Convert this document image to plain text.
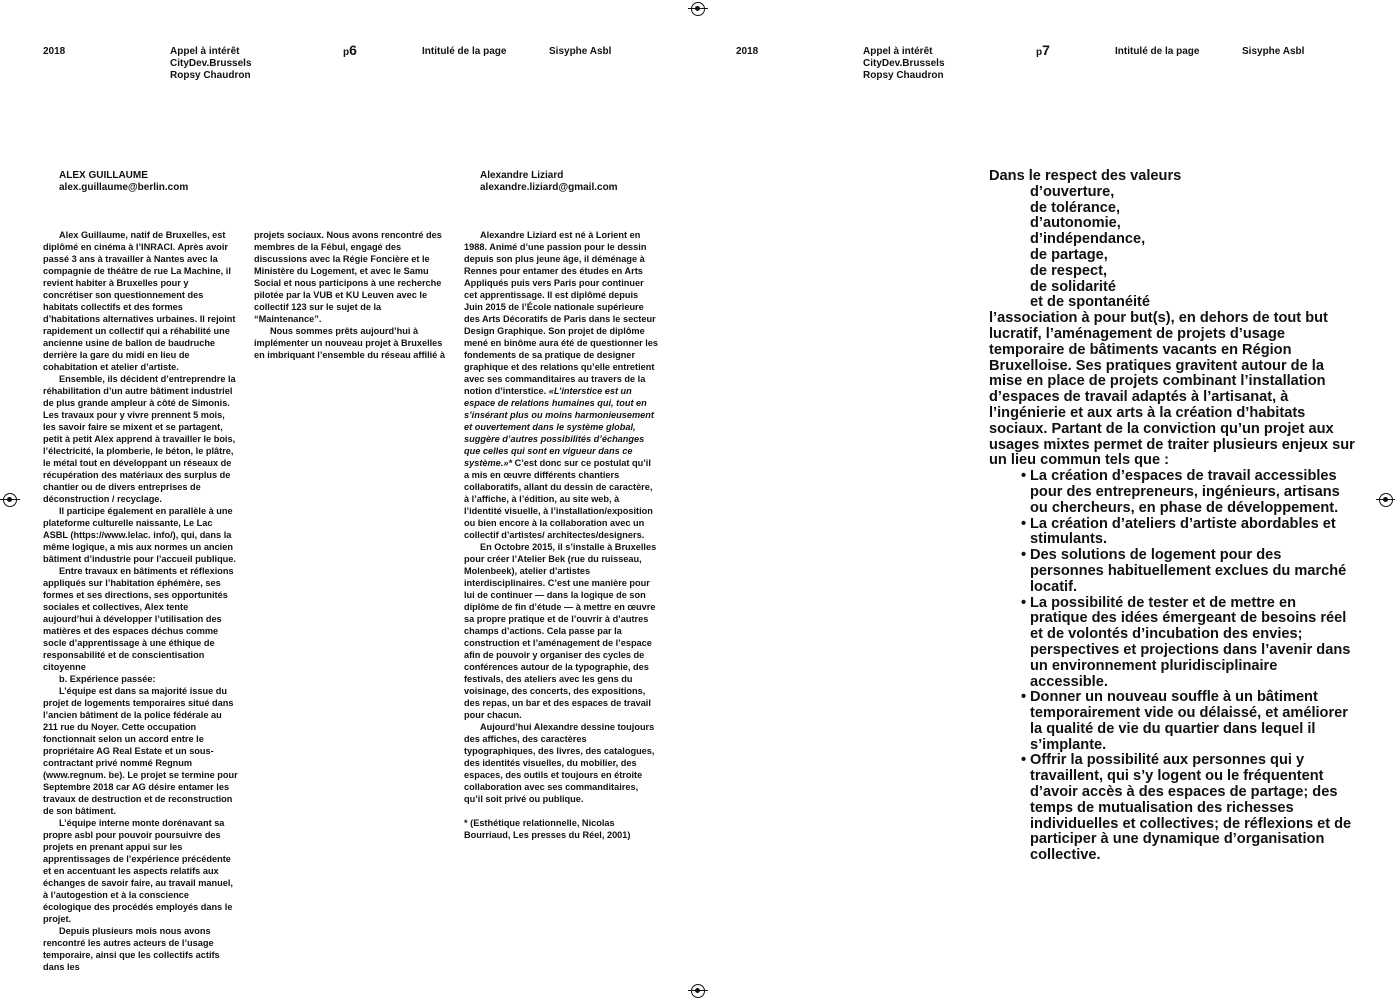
2018	Appel à intérêt
CityDev.Brussels
Ropsy Chaudron
p6	Intitulé de la page	Sisyphe Asbl	2018	Appel à intérêt
CityDev.Brussels
Ropsy Chaudron
p7	Intitulé de la page	Sisyphe Asbl
ALEX GUILLAUME
alex.guillaume@berlin.com

Alex Guillaume, natif de Bruxelles, est diplômé en cinéma à l’INRACI. Après avoir passé 3 ans à travailler à Nantes avec la compagnie de théâtre de rue La Machine, il revient habiter à Bruxelles pour y concrétiser son questionnement des habitats collectifs et des formes d’habitations alternatives urbaines. Il rejoint rapidement un collectif qui a réhabilité une ancienne usine de ballon de baudruche derrière la gare du midi en lieu de cohabitation et atelier d’artiste.

Ensemble, ils décident d’entreprendre la réhabilitation d’un autre bâtiment industriel de plus grande ampleur à côté de Simonis. Les travaux pour y vivre prennent 5 mois, les savoir faire se mixent et se partagent, petit à petit Alex apprend à travailler le bois, l’électricité, la plomberie, le béton, le plâtre, le métal tout en développant un réseaux de récupération des matériaux des surplus de chantier ou de divers entreprises de déconstruction / recyclage.

Il participe également en parallèle à une plateforme culturelle naissante, Le Lac ASBL (https://www.lelac. info/), qui, dans la même logique, a mis aux normes un ancien bâtiment d’industrie pour l’accueil publique.

Entre travaux en bâtiments et réflexions appliqués sur l’habitation éphémère, ses formes et ses directions, ses opportunités sociales et collectives, Alex tente aujourd’hui à développer l’utilisation des matières et des espaces déchus comme socle d’apprentissage à une éthique de responsabilité et de conscientisation citoyenne

b. Expérience passée:

L’équipe est dans sa majorité issue du projet de logements temporaires situé dans l’ancien bâtiment de la police fédérale au 211 rue du Noyer. Cette occupation fonctionnait selon un accord entre le propriétaire AG Real Estate et un sous-contractant privé nommé Regnum (www.regnum. be). Le projet se termine pour Septembre 2018 car AG désire entamer les travaux de destruction et de reconstruction de son bâtiment.

L’équipe interne monte dorénavant sa propre asbl pour pouvoir poursuivre des projets en prenant appui sur les apprentissages de l’expérience précédente et en accentuant les aspects relatifs aux échanges de savoir faire, au travail manuel, à l’autogestion et à la conscience écologique des procédés employés dans le projet.

Depuis plusieurs mois nous avons rencontré les autres acteurs de l’usage temporaire, ainsi que les collectifs actifs dans les

projets sociaux. Nous avons rencontré des membres de la Fébul, engagé des discussions avec la Régie Foncière et le Ministère du Logement, et avec le Samu Social et nous participons à une recherche pilotée par la VUB et KU Leuven avec le collectif 123 sur le sujet de la “Maintenance”.

Nous sommes prêts aujourd’hui à implémenter un nouveau projet à Bruxelles en imbriquant l’ensemble du réseau affilié à

Alexandre Liziard
alexandre.liziard@gmail.com

Alexandre Liziard est né à Lorient en 1988. Animé d’une passion pour le dessin depuis son plus jeune âge, il déménage à Rennes pour entamer des études en Arts Appliqués puis vers Paris pour continuer cet apprentissage. Il est diplômé depuis Juin 2015 de l’École nationale supérieure des Arts Décoratifs de Paris dans le secteur Design Graphique. Son projet de diplôme mené en binôme aura été de questionner les fondements de sa pratique de designer graphique et des relations qu’elle entretient avec ses commanditaires au travers de la notion d’interstice. «L’interstice est un espace de relations humaines qui, tout en s’insérant plus ou moins harmonieusement et ouvertement dans le système global, suggère d’autres possibilités d’échanges que celles qui sont en vigueur dans ce système.»* C’est donc sur ce postulat qu’il a mis en œuvre différents chantiers collaboratifs, allant du dessin de caractère, à l’affiche, à l’édition, au site web, à l’identité visuelle, à l’installation/exposition ou bien encore à la collaboration avec un collectif d’artistes/ architectes/designers.

En Octobre 2015, il s’installe à Bruxelles pour créer l’Atelier Bek (rue du ruisseau, Molenbeek), atelier d’artistes interdisciplinaires. C’est une manière pour lui de continuer — dans la logique de son diplôme de fin d’étude — à mettre en œuvre sa propre pratique et de l’ouvrir à d’autres champs d’actions. Cela passe par la construction et l’aménagement de l’espace afin de pouvoir y organiser des cycles de conférences autour de la typographie, des festivals, des ateliers avec les gens du voisinage, des concerts, des expositions, des repas, un bar et des espaces de travail pour chacun.

Aujourd’hui Alexandre dessine toujours des affiches, des caractères typographiques, des livres, des catalogues, des identités visuelles, du mobilier, des espaces, des outils et toujours en étroite collaboration avec ses commanditaires, qu’il soit privé ou publique.

* (Esthétique relationnelle, Nicolas Bourriaud, Les presses du Réel, 2001)

Dans le respect des valeurs
d’ouverture,
de tolérance,
d’autonomie,
d’indépendance,
de partage,
de respect,
de solidarité
et de spontanéité
l’association à pour but(s), en dehors de tout but lucratif, l’aménagement de projets d’usage temporaire de bâtiments vacants en Région Bruxelloise. Ses pratiques gravitent autour de la mise en place de projets combinant l’installation d’espaces de travail adaptés à l’artisanat, à l’ingénierie et aux arts à la création d’habitats sociaux. Partant de la conviction qu’un projet aux usages mixtes permet de traiter plusieurs enjeux sur un lieu commun tels que :
• La création d’espaces de travail accessibles pour des entrepreneurs, ingénieurs, artisans ou chercheurs, en phase de développement.
• La création d’ateliers d’artiste abordables et stimulants.
• Des solutions de logement pour des personnes habituellement exclues du marché locatif.
• La possibilité de tester et de mettre en pratique des idées émergeant de besoins réel et de volontés d’incubation des envies; perspectives et projections dans l’avenir dans un environnement pluridisciplinaire accessible.
• Donner un nouveau souffle à un bâtiment temporairement vide ou délaissé, et améliorer la qualité de vie du quartier dans lequel il s’implante.
• Offrir la possibilité aux personnes qui y travaillent, qui s’y logent ou le fréquentent d’avoir accès à des espaces de partage; des temps de mutualisation des richesses individuelles et collectives; de réflexions et de participer à une dynamique d’organisation collective.
